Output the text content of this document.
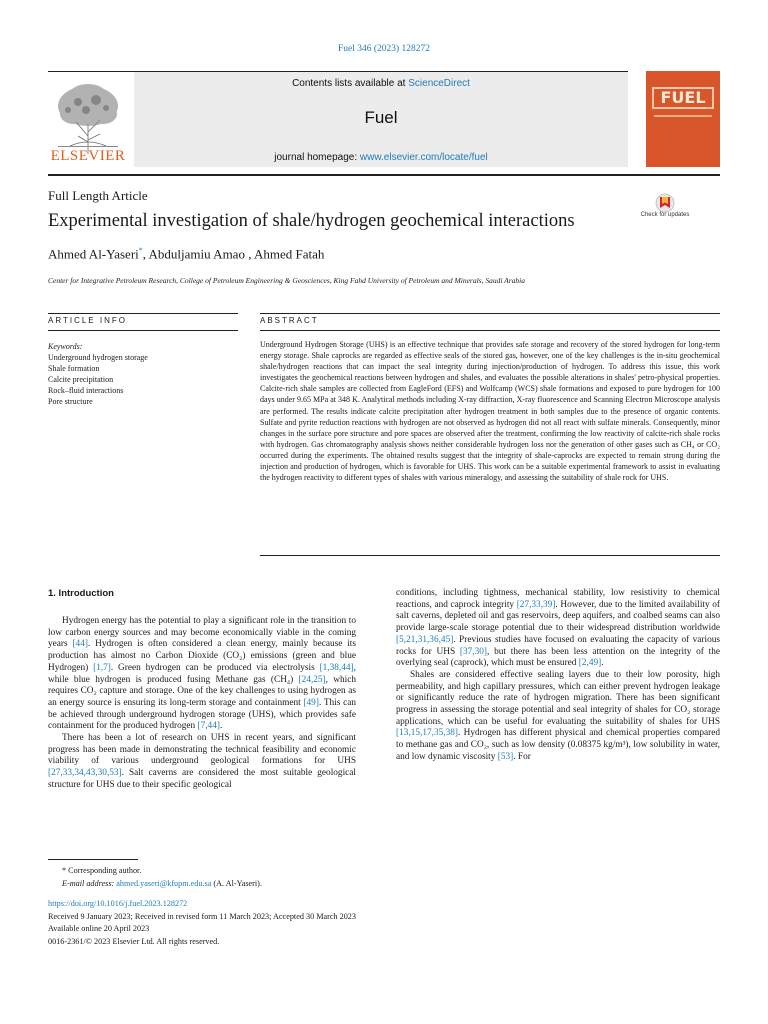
Fuel 346 (2023) 128272
ELSEVIER
Contents lists available at ScienceDirect
Fuel
journal homepage: www.elsevier.com/locate/fuel
FUEL
Full Length Article
Experimental investigation of shale/hydrogen geochemical interactions	Check for updates
Ahmed Al-Yaseri*, Abduljamiu Amao , Ahmed Fatah
Center for Integrative Petroleum Research, College of Petroleum Engineering & Geosciences, King Fahd University of Petroleum and Minerals, Saudi Arabia
ARTICLE INFO	ABSTRACT
Keywords:
Underground hydrogen storage
Shale formation
Calcite precipitation
Rock–fluid interactions
Pore structure
Underground Hydrogen Storage (UHS) is an effective technique that provides safe storage and recovery of the stored hydrogen for long-term energy storage. Shale caprocks are regarded as effective seals of the stored gas, however, one of the key challenges is the in-situ geochemical shale/hydrogen reactions that can impact the seal integrity during injection/production of hydrogen. To address this issue, this work investigates the geochemical reactions between hydrogen and shales, and evaluates the possible alterations in shales' petro-physical properties. Calcite-rich shale samples are collected from EagleFord (EFS) and Wolfcamp (WCS) shale formations and exposed to pure hydrogen for 100 days under 9.65 MPa at 348 K. Analytical methods including X-ray diffraction, X-ray fluorescence and Scanning Electron Microscope analysis are performed. The results indicate calcite precipitation after hydrogen treatment in both samples due to the presence of organic contents. Sulfate and pyrite reduction reactions with hydrogen are not observed as hydrogen did not all react with sulfate minerals. Consequently, minor changes in the surface pore structure and pore spaces are observed after the treatment, confirming the low reactivity of calcite-rich shale rocks with hydrogen. Gas chromatography analysis shows neither considerable hydrogen loss nor the generation of other gases such as CH₄ or CO₂ occurred during the experiments. The obtained results suggest that the integrity of shale-caprocks are expected to remain strong during the injection and production of hydrogen, which is favorable for UHS. This work can be a suitable experimental framework to assist in evaluating the hydrogen reactivity to different types of shales with various mineralogy, and assessing the suitability of shale rock for UHS.
1. Introduction

Hydrogen energy has the potential to play a significant role in the transition to low carbon energy sources and may become economically viable in the coming years [44]. Hydrogen is often considered a clean energy, mainly because its production has almost no Carbon Dioxide (CO₂) emissions (green and blue Hydrogen) [1,7]. Green hydrogen can be produced via electrolysis [1,38,44], while blue hydrogen is produced fusing Methane gas (CH₄) [24,25], which requires CO₂ capture and storage. One of the key challenges to using hydrogen as an energy source is ensuring its long-term storage and containment [49]. This can be achieved through underground hydrogen storage (UHS), which provides safe containment for the produced hydrogen [7,44].

There has been a lot of research on UHS in recent years, and significant progress has been made in demonstrating the technical feasibility and economic viability of various underground geological formations for UHS [27,33,34,43,30,53]. Salt caverns are considered the most suitable geological structure for UHS due to their specific geological

conditions, including tightness, mechanical stability, low resistivity to chemical reactions, and caprock integrity [27,33,39]. However, due to the limited availability of salt caverns, depleted oil and gas reservoirs, deep aquifers, and coalbed seams can also provide large-scale storage potential due to their widespread distribution worldwide [5,21,31,36,45]. Previous studies have focused on evaluating the capacity of various rocks for UHS [37,30], but there has been less attention on the integrity of the overlying seal (caprock), which must be ensured [2,49].

Shales are considered effective sealing layers due to their low porosity, high permeability, and high capillary pressures, which can either prevent hydrogen leakage or significantly reduce the rate of hydrogen migration. There has been significant progress in assessing the storage potential and seal integrity of shales for CO₂ storage applications, which can be useful for evaluating the suitability of shales for UHS [13,15,17,35,38]. Hydrogen has different physical and chemical properties compared to methane gas and CO₂, such as low density (0.08375 kg/m³), low solubility in water, and low dynamic viscosity [53]. For

* Corresponding author.
E-mail address: ahmed.yaseri@kfupm.edu.sa (A. Al-Yaseri).
https://doi.org/10.1016/j.fuel.2023.128272
Received 9 January 2023; Received in revised form 11 March 2023; Accepted 30 March 2023
Available online 20 April 2023
0016-2361/© 2023 Elsevier Ltd. All rights reserved.
